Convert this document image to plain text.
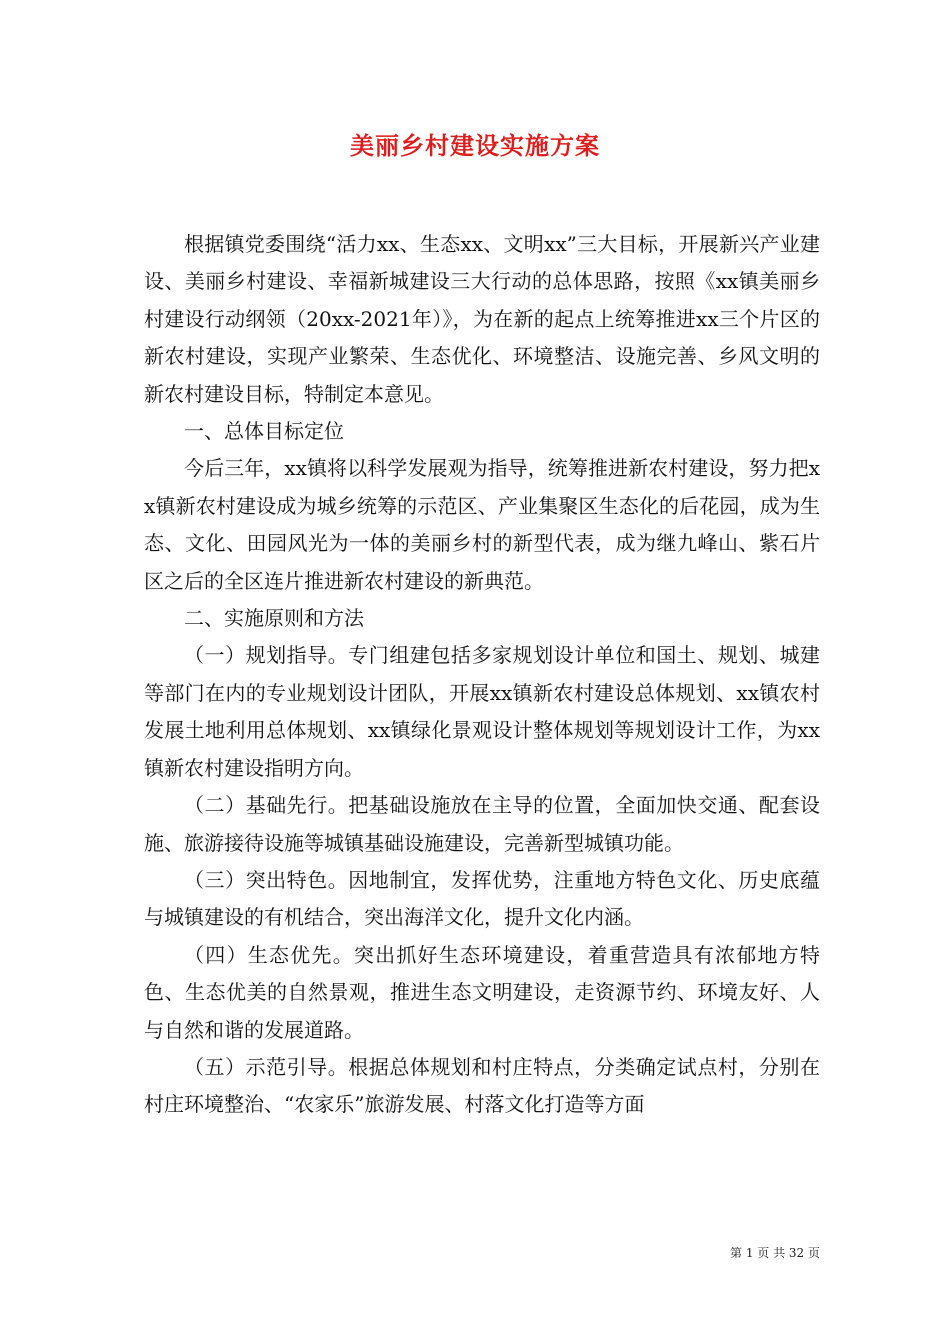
美丽乡村建设实施方案

根据镇党委围绕“活力xx、生态xx、文明xx”三大目标，开展新兴产业建设、美丽乡村建设、幸福新城建设三大行动的总体思路，按照《xx镇美丽乡村建设行动纲领（20xx-2021年）》，为在新的起点上统筹推进xx三个片区的新农村建设，实现产业繁荣、生态优化、环境整洁、设施完善、乡风文明的新农村建设目标，特制定本意见。

一、总体目标定位

今后三年，xx镇将以科学发展观为指导，统筹推进新农村建设，努力把xx镇新农村建设成为城乡统筹的示范区、产业集聚区生态化的后花园，成为生态、文化、田园风光为一体的美丽乡村的新型代表，成为继九峰山、紫石片区之后的全区连片推进新农村建设的新典范。

二、实施原则和方法

（一）规划指导。专门组建包括多家规划设计单位和国土、规划、城建等部门在内的专业规划设计团队，开展xx镇新农村建设总体规划、xx镇农村发展土地利用总体规划、xx镇绿化景观设计整体规划等规划设计工作，为xx镇新农村建设指明方向。

（二）基础先行。把基础设施放在主导的位置，全面加快交通、配套设施、旅游接待设施等城镇基础设施建设，完善新型城镇功能。

（三）突出特色。因地制宜，发挥优势，注重地方特色文化、历史底蕴与城镇建设的有机结合，突出海洋文化，提升文化内涵。

（四）生态优先。突出抓好生态环境建设，着重营造具有浓郁地方特色、生态优美的自然景观，推进生态文明建设，走资源节约、环境友好、人与自然和谐的发展道路。

（五）示范引导。根据总体规划和村庄特点，分类确定试点村，分别在村庄环境整治、“农家乐”旅游发展、村落文化打造等方面

第 1 页 共 32 页
